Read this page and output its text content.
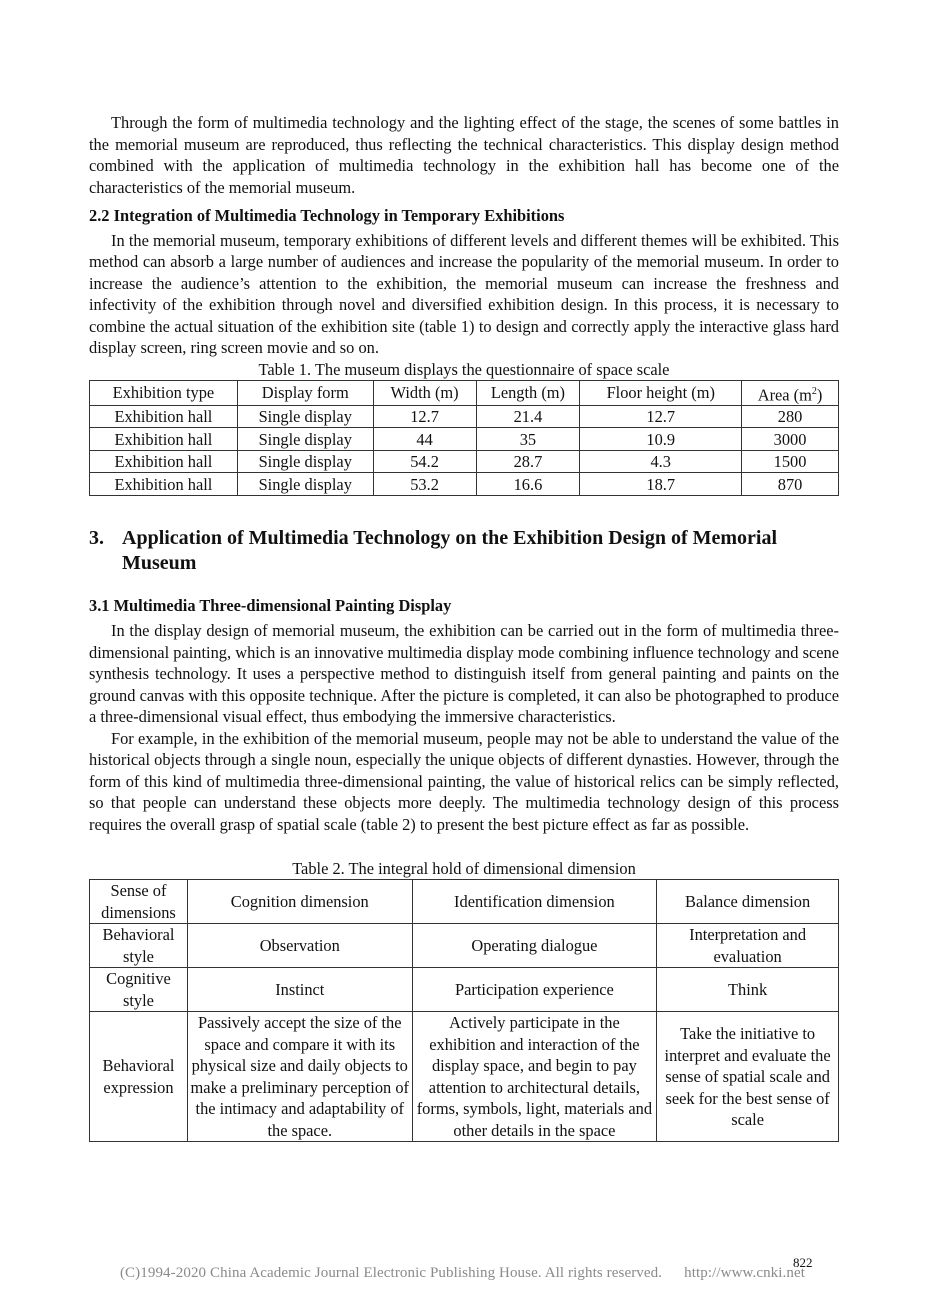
Through the form of multimedia technology and the lighting effect of the stage, the scenes of some battles in the memorial museum are reproduced, thus reflecting the technical characteristics. This display design method combined with the application of multimedia technology in the exhibition hall has become one of the characteristics of the memorial museum.

2.2 Integration of Multimedia Technology in Temporary Exhibitions

In the memorial museum, temporary exhibitions of different levels and different themes will be exhibited. This method can absorb a large number of audiences and increase the popularity of the memorial museum. In order to increase the audience’s attention to the exhibition, the memorial museum can increase the freshness and infectivity of the exhibition through novel and diversified exhibition design. In this process, it is necessary to combine the actual situation of the exhibition site (table 1) to design and correctly apply the interactive glass hard display screen, ring screen movie and so on.

Table 1. The museum displays the questionnaire of space scale

Exhibition type	Display form	Width (m)	Length (m)	Floor height (m)	Area $(m^2)$
Exhibition hall	Single display	12.7	21.4	12.7	280
Exhibition hall	Single display	44	35	10.9	3000
Exhibition hall	Single display	54.2	28.7	4.3	1500
Exhibition hall	Single display	53.2	16.6	18.7	870
3. Application of Multimedia Technology on the Exhibition Design of Memorial Museum
3.1 Multimedia Three-dimensional Painting Display

In the display design of memorial museum, the exhibition can be carried out in the form of multimedia three-dimensional painting, which is an innovative multimedia display mode combining influence technology and scene synthesis technology. It uses a perspective method to distinguish itself from general painting and paints on the ground canvas with this opposite technique. After the picture is completed, it can also be photographed to produce a three-dimensional visual effect, thus embodying the immersive characteristics.

For example, in the exhibition of the memorial museum, people may not be able to understand the value of the historical objects through a single noun, especially the unique objects of different dynasties. However, through the form of this kind of multimedia three-dimensional painting, the value of historical relics can be simply reflected, so that people can understand these objects more deeply. The multimedia technology design of this process requires the overall grasp of spatial scale (table 2) to present the best picture effect as far as possible.

Table 2. The integral hold of dimensional dimension

Sense of dimensions	Cognition dimension	Identification dimension	Balance dimension
Behavioral style	Observation	Operating dialogue	Interpretation and evaluation
Cognitive style	Instinct	Participation experience	Think
Behavioral expression	Passively accept the size of the space and compare it with its physical size and daily objects to make a preliminary perception of the intimacy and adaptability of the space.	Actively participate in the exhibition and interaction of the display space, and begin to pay attention to architectural details, forms, symbols, light, materials and other details in the space	Take the initiative to interpret and evaluate the sense of spatial scale and seek for the best sense of scale
822
(C)1994-2020 China Academic Journal Electronic Publishing House. All rights reserved. http://www.cnki.net
